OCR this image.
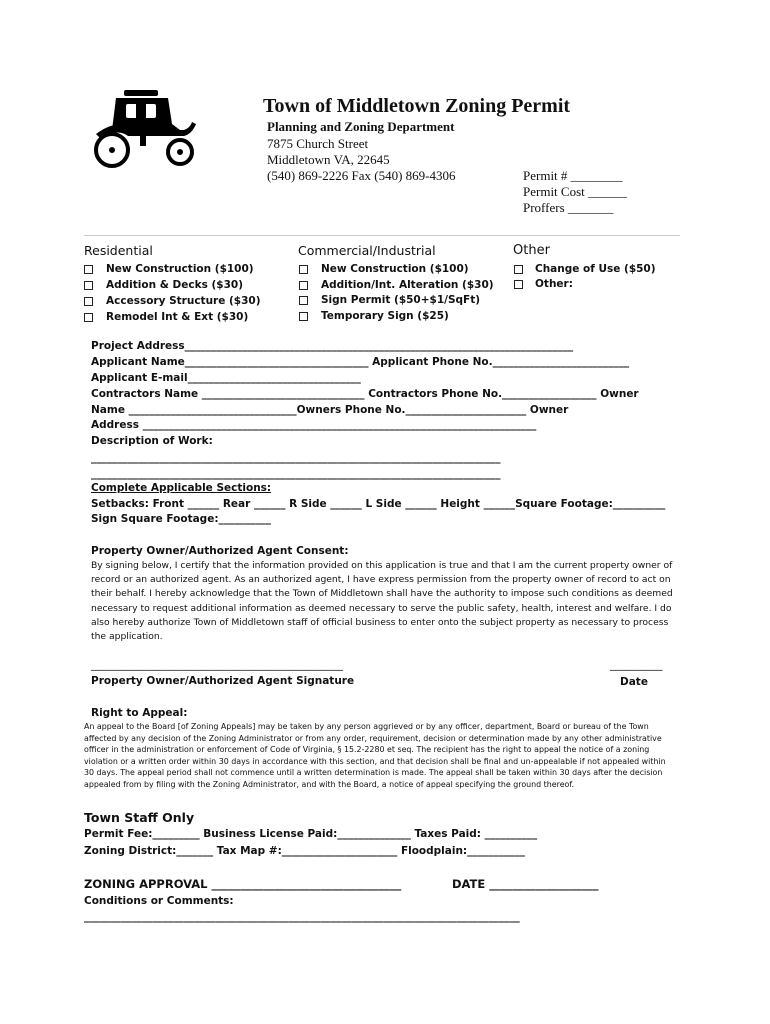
Town of Middletown Zoning Permit
Planning and Zoning Department
7875 Church Street
Middletown VA, 22645
(540) 869-2226 Fax (540) 869-4306	Permit # ________
Permit Cost ______
Proffers _______
Residential	Commercial/Industrial	Other
New Construction ($100)
Addition & Decks ($30)
Accessory Structure ($30)
Remodel Int & Ext ($30)
New Construction ($100)
Addition/Int. Alteration ($30)
Sign Permit ($50+$1/SqFt)
Temporary Sign ($25)
Change of Use ($50)
Other:
Project Address__________________________________________________________________________
Applicant Name___________________________________ Applicant Phone No.__________________________
Applicant E-mail_________________________________
Contractors Name _______________________________ Contractors Phone No.__________________ Owner
Name ________________________________Owners Phone No._______________________ Owner
Address ___________________________________________________________________________
Description of Work:
______________________________________________________________________________
______________________________________________________________________________
Complete Applicable Sections:
Setbacks: Front ______ Rear ______ R Side ______ L Side ______ Height ______Square Footage:__________
Sign Square Footage:__________
Property Owner/Authorized Agent Consent:
By signing below, I certify that the information provided on this application is true and that I am the current property owner of record or an authorized agent. As an authorized agent, I have express permission from the property owner of record to act on their behalf. I hereby acknowledge that the Town of Middletown shall have the authority to impose such conditions as deemed necessary to request additional information as deemed necessary to serve the public safety, health, interest and welfare. I do also hereby authorize Town of Middletown staff of official business to enter onto the subject property as necessary to process the application.
________________________________________________
Property Owner/Authorized Agent Signature
__________
Date
Right to Appeal:
An appeal to the Board [of Zoning Appeals] may be taken by any person aggrieved or by any officer, department, Board or bureau of the Town affected by any decision of the Zoning Administrator or from any order, requirement, decision or determination made by any other administrative officer in the administration or enforcement of Code of Virginia, § 15.2-2280 et seq. The recipient has the right to appeal the notice of a zoning violation or a written order within 30 days in accordance with this section, and that decision shall be final and un-appealable if not appealed within 30 days. The appeal period shall not commence until a written determination is made. The appeal shall be taken within 30 days after the decision appealed from by filing with the Zoning Administrator, and with the Board, a notice of appeal specifying the ground thereof.
Town Staff Only
Permit Fee:_________ Business License Paid:______________ Taxes Paid: __________
Zoning District:_______ Tax Map #:______________________ Floodplain:___________
ZONING APPROVAL _________________________________	DATE ___________________
Conditions or Comments:
___________________________________________________________________________________
